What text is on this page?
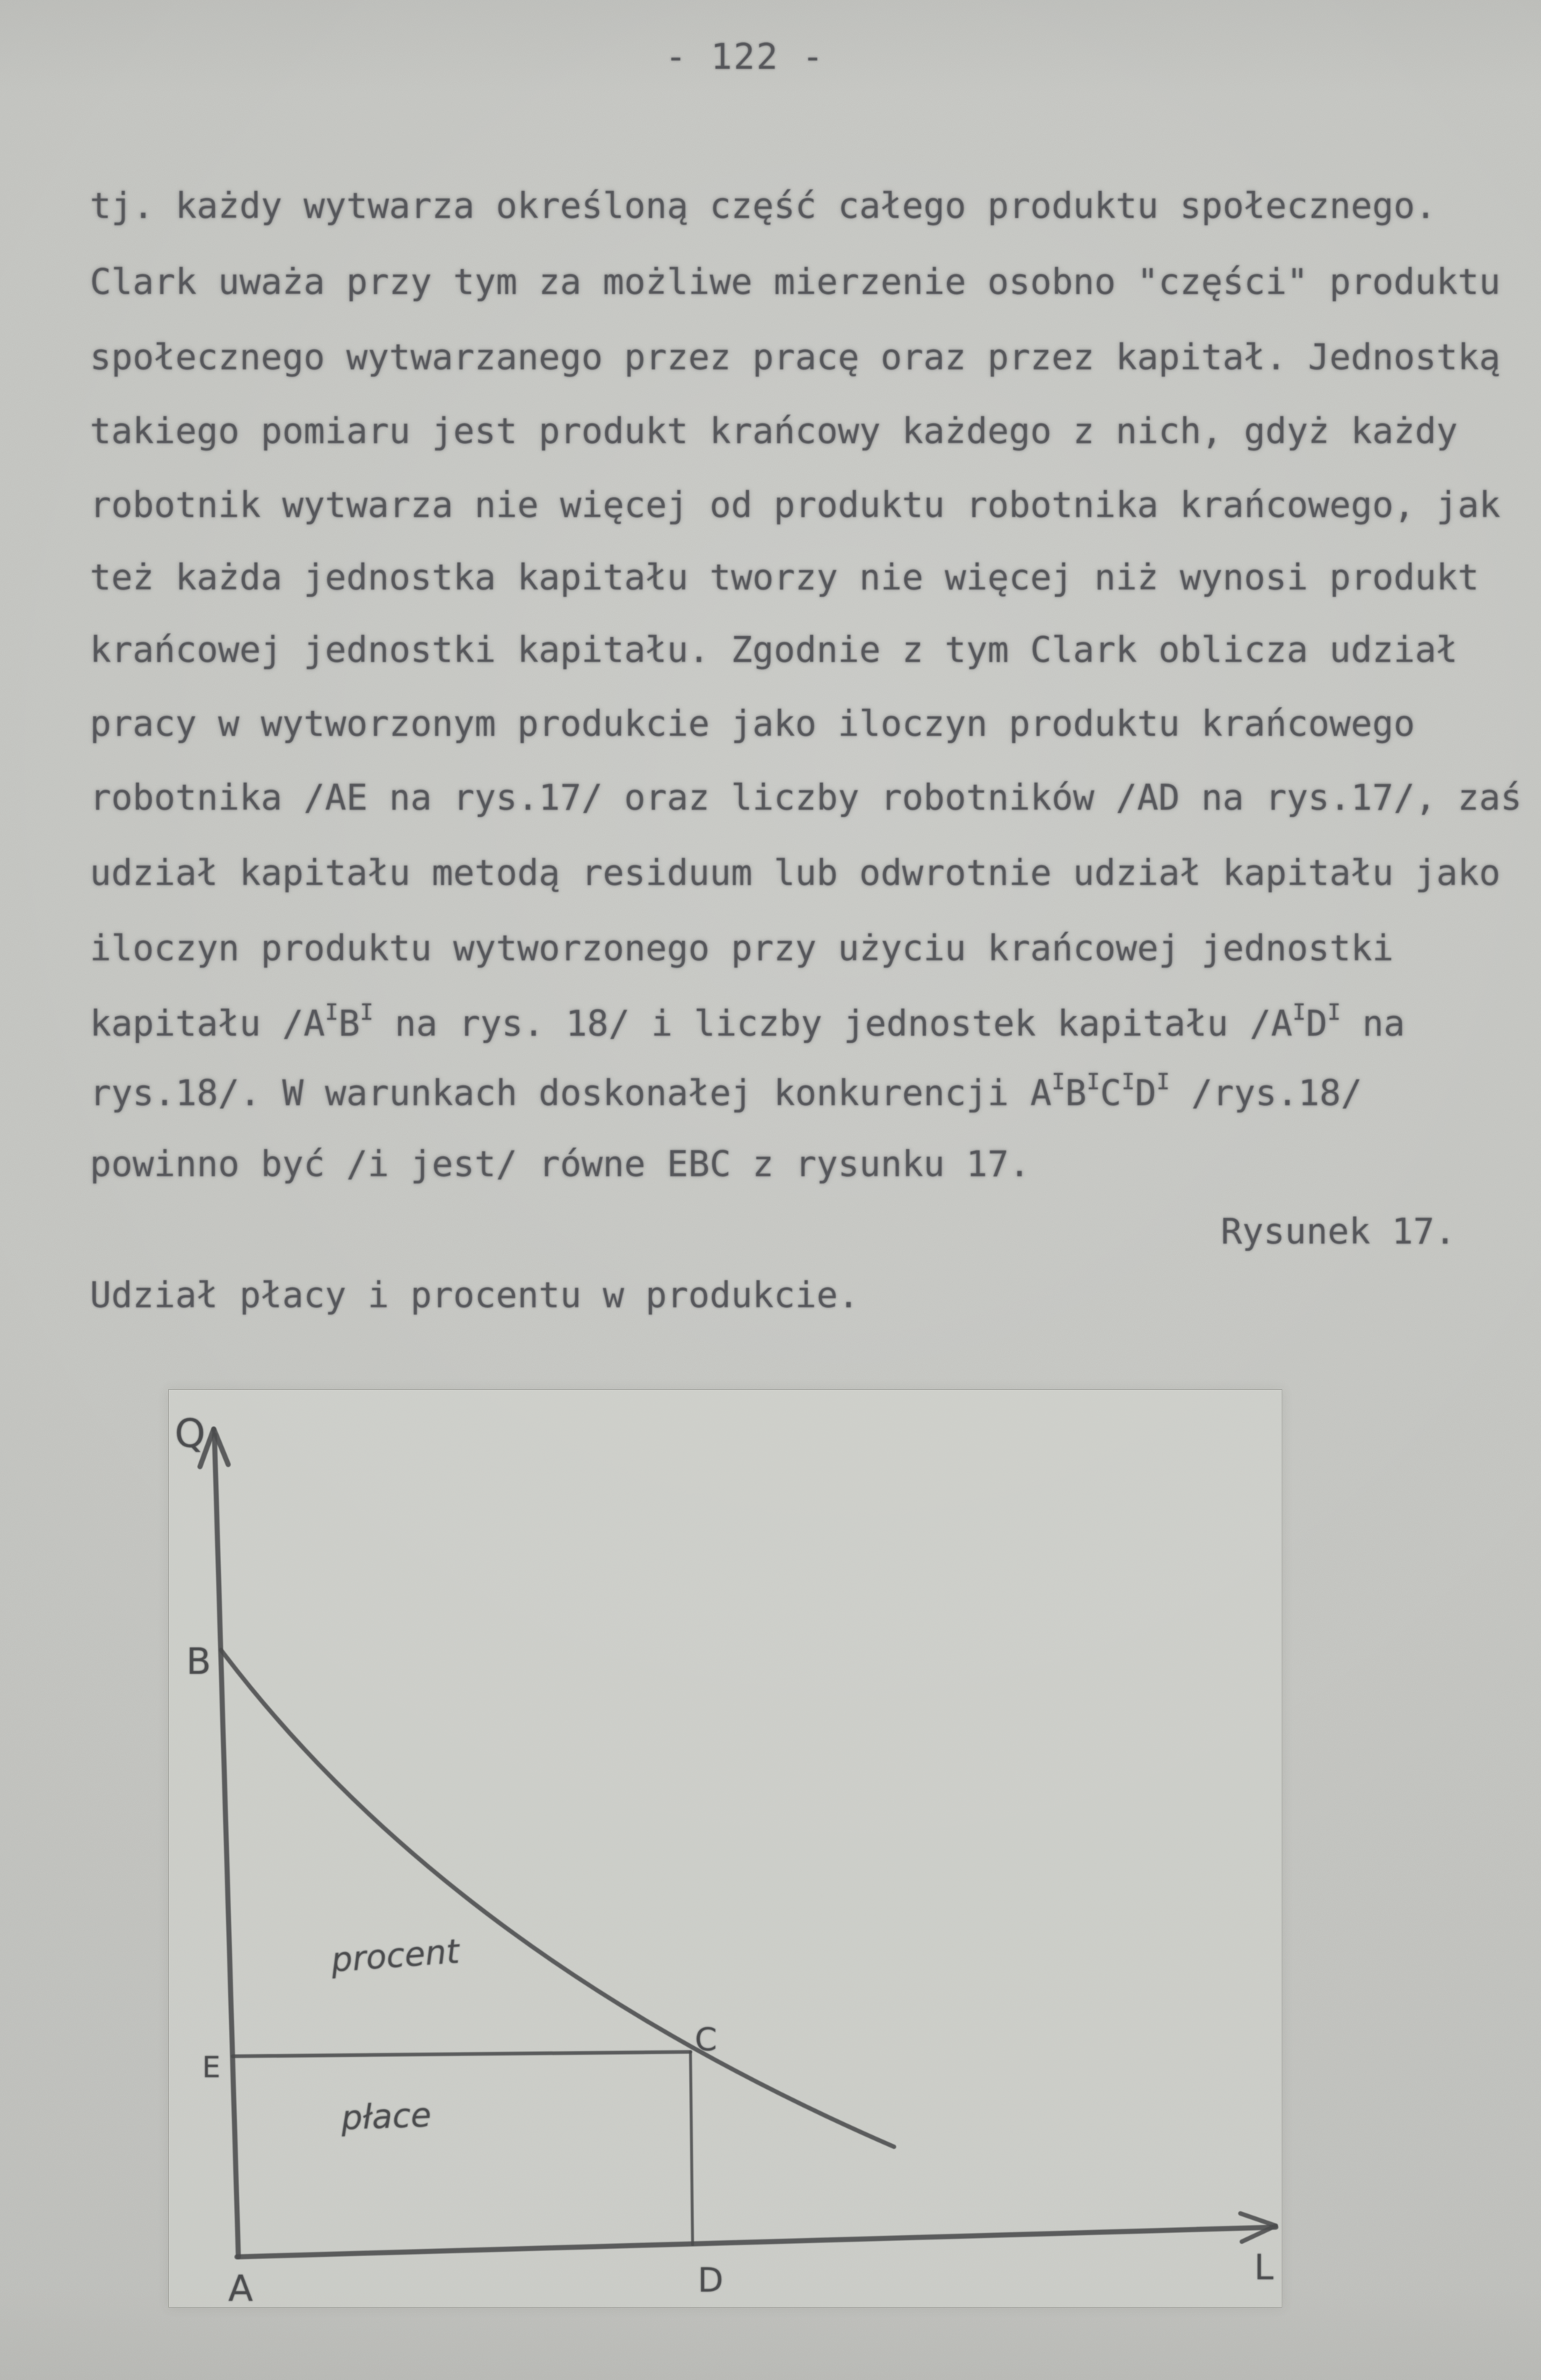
- 122 -
tj. każdy wytwarza określoną część całego produktu społecznego.
Clark uważa przy tym za możliwe mierzenie osobno "części" produktu
społecznego wytwarzanego przez pracę oraz przez kapitał. Jednostką
takiego pomiaru jest produkt krańcowy każdego z nich, gdyż każdy
robotnik wytwarza nie więcej od produktu robotnika krańcowego, jak
też każda jednostka kapitału tworzy nie więcej niż wynosi produkt
krańcowej jednostki kapitału. Zgodnie z tym Clark oblicza udział
pracy w wytworzonym produkcie jako iloczyn produktu krańcowego
robotnika /AE na rys.17/ oraz liczby robotników /AD na rys.17/, zaś
udział kapitału metodą residuum lub odwrotnie udział kapitału jako
iloczyn produktu wytworzonego przy użyciu krańcowej jednostki
kapitału $/A^IB^I$ na rys. 18/ i liczby jednostek kapitału $/A^ID^I$ na
rys.18/. W warunkach doskonałej konkurencji $A^IB^IC^ID^I$ /rys.18/
powinno być /i jest/ równe EBC z rysunku 17.
Rysunek 17.
Udział płacy i procentu w produkcie.
Q
B
E
C
A	D	L
procent
płace
